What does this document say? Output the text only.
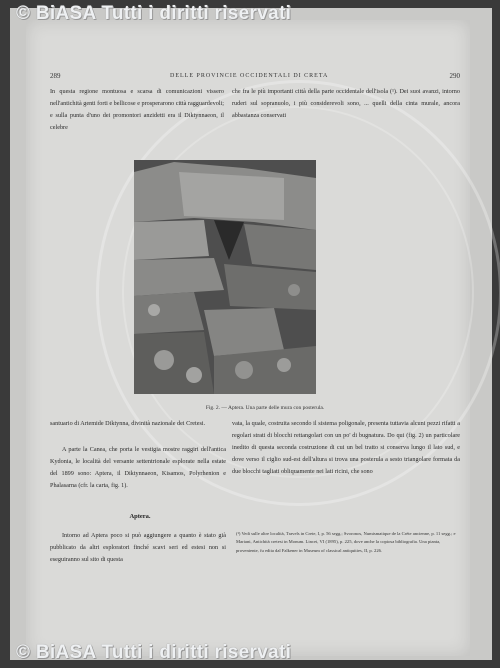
© BiASA Tutti i diritti riservati
289	DELLE PROVINCIE OCCIDENTALI DI CRETA	290

In questa regione montuosa e scarsa di comunicazioni vissero nell'antichità genti forti e bellicose e prosperarono città ragguardevoli; e sulla punta d'uno dei promontori anzidetti era il Diktynnaeon, il celebre

che fra le più importanti città della parte occidentale dell'isola (¹). Dei suoi avanzi, intorno ruderi sul sopranuolo, i più considerevoli sono, ... quelli della cinta murale, ancora abbastanza conservati

Fig. 2. — Aptera. Una parte delle mura con posterula.

santuario di Artemide Diktynna, divinità nazionale dei Cretesi.

A parte la Canea, che porta le vestigia mostre raggiri dell'antica Kydonia, le località del versante settentrionale esplorate nella estate del 1899 sono: Aptera, il Diktynnaeon, Kisamos, Polyrhenion e Phalasarna (cfr. la carta, fig. 1).

Aptera.

Intorno ad Aptera poco si può aggiungere a quanto è stato già pubblicato da altri esploratori finché scavi seri ed estesi non si eseguiranno sul sito di questa

vata, la quale, costruita secondo il sistema poligonale, presenta tuttavia alcuni pezzi rifatti a regolari strati di blocchi rettangolari con un po' di bugnatura. Do qui (fig. 2) un particolare inedito di questa seconda costruzione di cui un bel tratto si conserva lungo il lato sud, e dove verso il ciglio sud-est dell'altura si trova una posterula a sesto triangolare formata da due blocchi tagliati obliquamente nei lati ricini, che sono

(¹) Vedi sulle altre località, Travels in Crete, I, p. 56 segg.; Svoronos, Numismatique de la Crète ancienne, p. 11 segg.; e Mariani, Antichità cretesi in Monum. Lincei, VI (1895), p. 225, dove anche la copiosa bibliografia. Una pianta, proveniente, fu edita dal Falkener in Museum of classical antiquities, II, p. 226.
© BiASA Tutti i diritti riservati
